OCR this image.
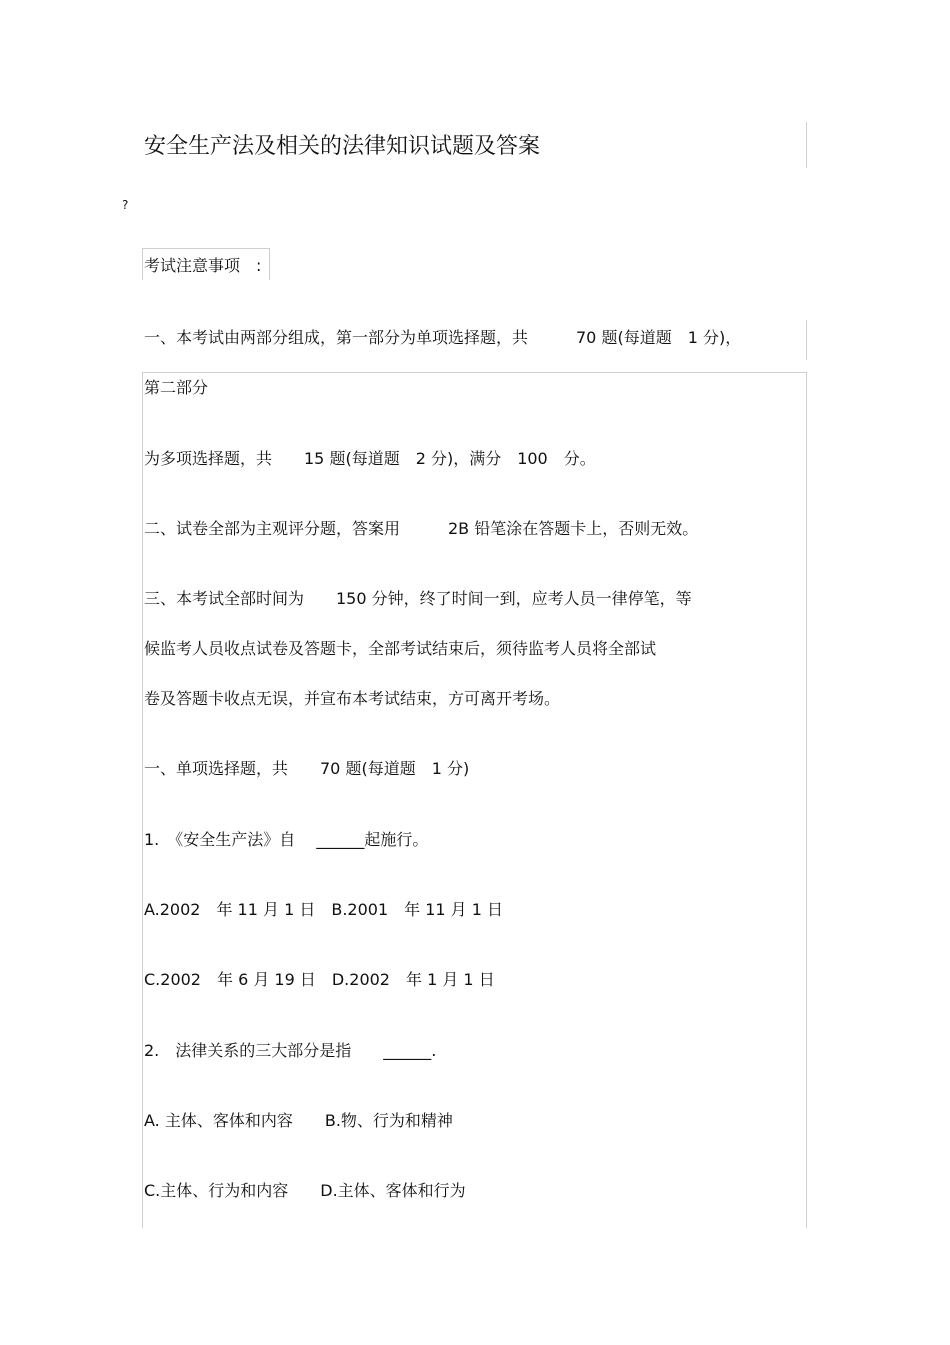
安全生产法及相关的法律知识试题及答案
?
考试注意事项　:
一、本考试由两部分组成，第一部分为单项选择题，共　　　70 题(每道题　1 分)，
第二部分
为多项选择题，共　　15 题(每道题　2 分)，满分　100　分。
二、试卷全部为主观评分题，答案用　　　2B 铅笔涂在答题卡上，否则无效。
三、本考试全部时间为　　150 分钟，终了时间一到，应考人员一律停笔，等
候监考人员收点试卷及答题卡，全部考试结束后，须待监考人员将全部试
卷及答题卡收点无误，并宣布本考试结束，方可离开考场。
一、单项选择题，共　　70 题(每道题　1 分)
1.　《安全生产法》自　 ______起施行。
A.2002　年 11 月 1 日　B.2001　年 11 月 1 日
C.2002　年 6 月 19 日　D.2002　年 1 月 1 日
2.　法律关系的三大部分是指　　______.
A. 主体、客体和内容　　B.物、行为和精神
C.主体、行为和内容　　D.主体、客体和行为
